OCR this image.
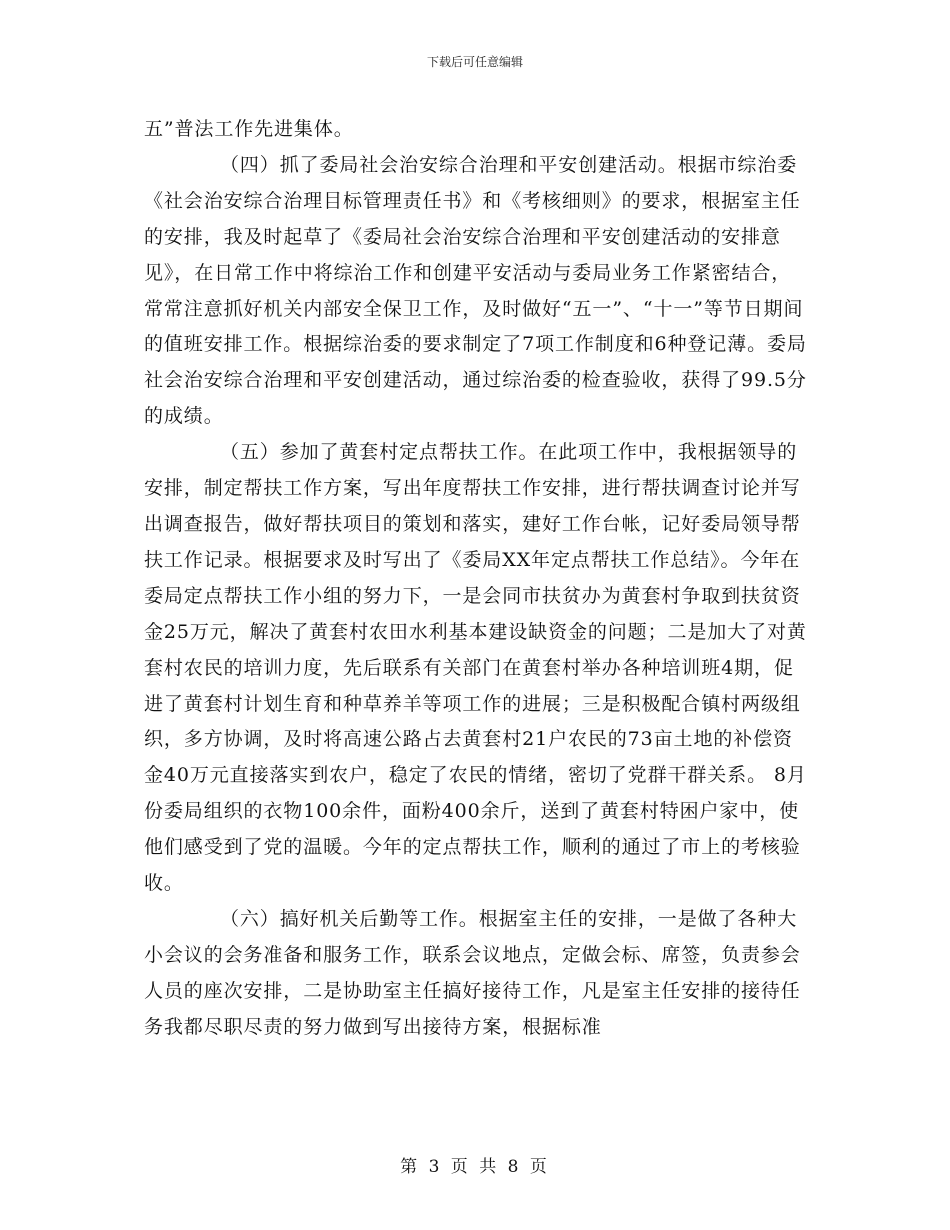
下载后可任意编辑

五”普法工作先进集体。

（四）抓了委局社会治安综合治理和平安创建活动。根据市综治委《社会治安综合治理目标管理责任书》和《考核细则》的要求，根据室主任的安排，我及时起草了《委局社会治安综合治理和平安创建活动的安排意见》，在日常工作中将综治工作和创建平安活动与委局业务工作紧密结合，常常注意抓好机关内部安全保卫工作，及时做好“五一”、“十一”等节日期间的值班安排工作。根据综治委的要求制定了7项工作制度和6种登记薄。委局社会治安综合治理和平安创建活动，通过综治委的检查验收，获得了99.5分的成绩。

（五）参加了黄套村定点帮扶工作。在此项工作中，我根据领导的安排，制定帮扶工作方案，写出年度帮扶工作安排，进行帮扶调查讨论并写出调查报告，做好帮扶项目的策划和落实，建好工作台帐，记好委局领导帮扶工作记录。根据要求及时写出了《委局XX年定点帮扶工作总结》。今年在委局定点帮扶工作小组的努力下，一是会同市扶贫办为黄套村争取到扶贫资金25万元，解决了黄套村农田水利基本建设缺资金的问题；二是加大了对黄套村农民的培训力度，先后联系有关部门在黄套村举办各种培训班4期，促进了黄套村计划生育和种草养羊等项工作的进展；三是积极配合镇村两级组织，多方协调，及时将高速公路占去黄套村21户农民的73亩土地的补偿资金40万元直接落实到农户，稳定了农民的情绪，密切了党群干群关系。 8月份委局组织的衣物100余件，面粉400余斤，送到了黄套村特困户家中，使他们感受到了党的温暖。今年的定点帮扶工作，顺利的通过了市上的考核验收。

（六）搞好机关后勤等工作。根据室主任的安排，一是做了各种大小会议的会务准备和服务工作，联系会议地点，定做会标、席签，负责参会人员的座次安排，二是协助室主任搞好接待工作，凡是室主任安排的接待任务我都尽职尽责的努力做到写出接待方案，根据标准

第 3 页 共 8 页
